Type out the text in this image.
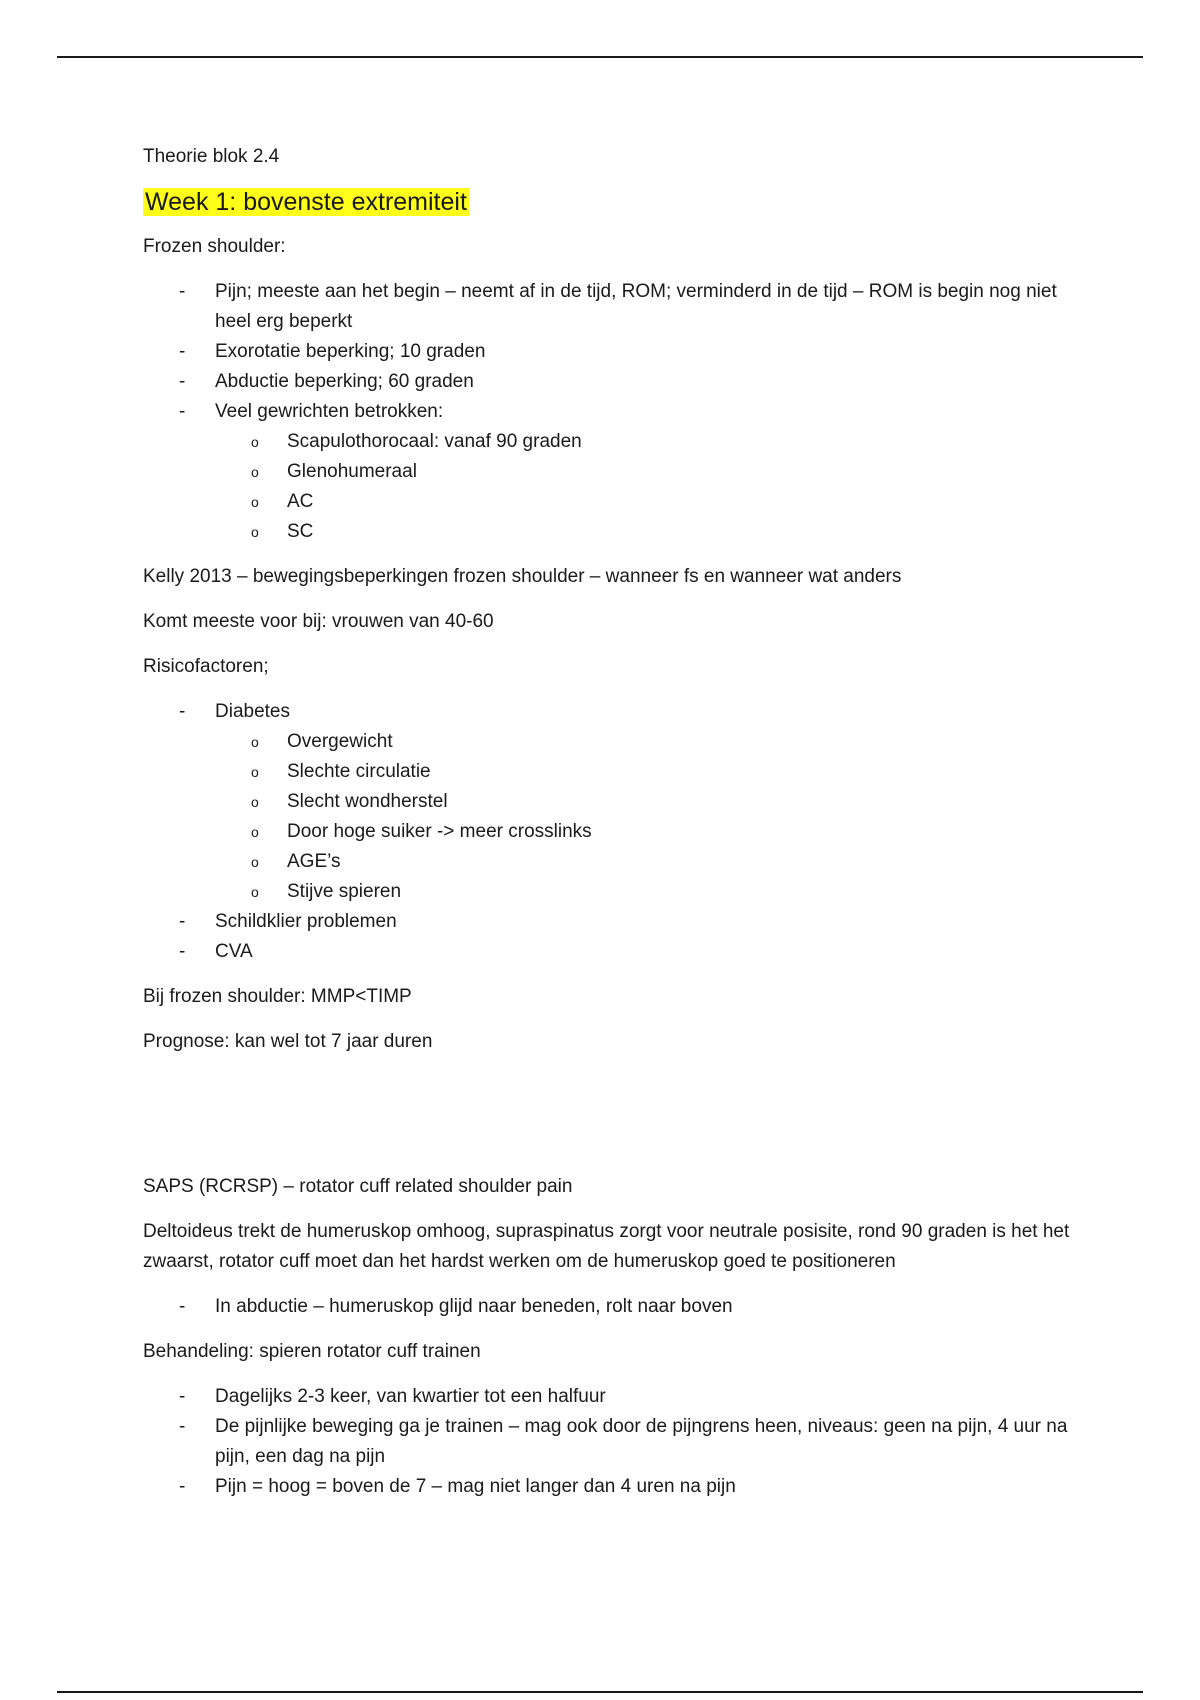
Theorie blok 2.4
Week 1: bovenste extremiteit
Frozen shoulder:
- Pijn; meeste aan het begin – neemt af in de tijd, ROM; verminderd in de tijd – ROM is begin nog niet heel erg beperkt
- Exorotatie beperking; 10 graden
- Abductie beperking; 60 graden
- Veel gewrichten betrokken:
o Scapulothorocaal: vanaf 90 graden
o Glenohumeraal
o AC
o SC
Kelly 2013 – bewegingsbeperkingen frozen shoulder – wanneer fs en wanneer wat anders
Komt meeste voor bij: vrouwen van 40-60
Risicofactoren;
- Diabetes
o Overgewicht
o Slechte circulatie
o Slecht wondherstel
o Door hoge suiker -> meer crosslinks
o AGE’s
o Stijve spieren
- Schildklier problemen
- CVA
Bij frozen shoulder: MMP<TIMP
Prognose: kan wel tot 7 jaar duren
SAPS (RCRSP) – rotator cuff related shoulder pain
Deltoideus trekt de humeruskop omhoog, supraspinatus zorgt voor neutrale posisite, rond 90 graden is het het zwaarst, rotator cuff moet dan het hardst werken om de humeruskop goed te positioneren
- In abductie – humeruskop glijd naar beneden, rolt naar boven
Behandeling: spieren rotator cuff trainen
- Dagelijks 2-3 keer, van kwartier tot een halfuur
- De pijnlijke beweging ga je trainen – mag ook door de pijngrens heen, niveaus: geen na pijn, 4 uur na pijn, een dag na pijn
- Pijn = hoog = boven de 7 – mag niet langer dan 4 uren na pijn
